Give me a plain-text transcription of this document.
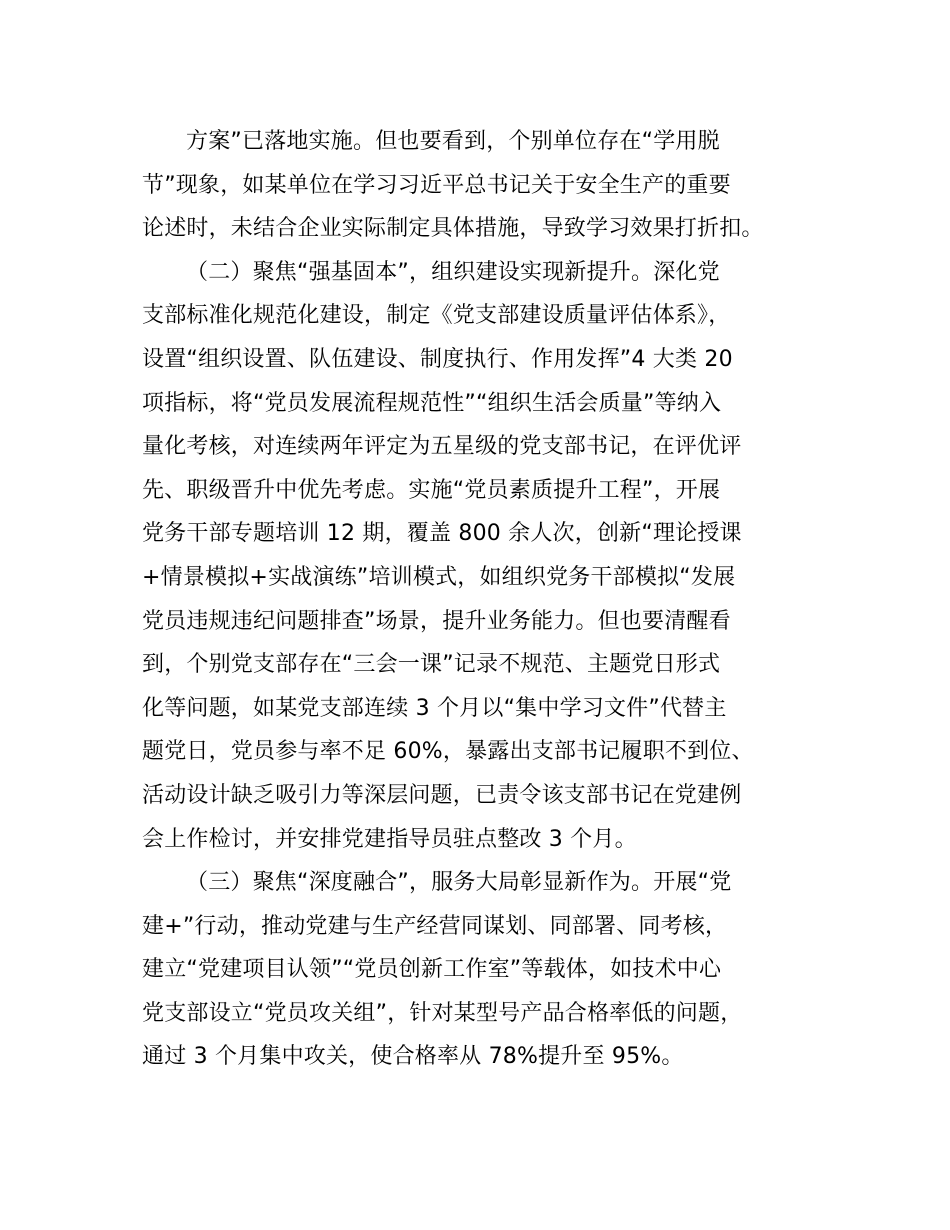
方案”已落地实施。但也要看到，个别单位存在“学用脱
节”现象，如某单位在学习习近平总书记关于安全生产的重要
论述时，未结合企业实际制定具体措施，导致学习效果打折扣。
（二）聚焦“强基固本”，组织建设实现新提升。深化党
支部标准化规范化建设，制定《党支部建设质量评估体系》，
设置“组织设置、队伍建设、制度执行、作用发挥”4 大类 20
项指标，将“党员发展流程规范性”“组织生活会质量”等纳入
量化考核，对连续两年评定为五星级的党支部书记，在评优评
先、职级晋升中优先考虑。实施“党员素质提升工程”，开展
党务干部专题培训 12 期，覆盖 800 余人次，创新“理论授课
+情景模拟+实战演练”培训模式，如组织党务干部模拟“发展
党员违规违纪问题排查”场景，提升业务能力。但也要清醒看
到，个别党支部存在“三会一课”记录不规范、主题党日形式
化等问题，如某党支部连续 3 个月以“集中学习文件”代替主
题党日，党员参与率不足 60%，暴露出支部书记履职不到位、
活动设计缺乏吸引力等深层问题，已责令该支部书记在党建例
会上作检讨，并安排党建指导员驻点整改 3 个月。
（三）聚焦“深度融合”，服务大局彰显新作为。开展“党
建+”行动，推动党建与生产经营同谋划、同部署、同考核，
建立“党建项目认领”“党员创新工作室”等载体，如技术中心
党支部设立“党员攻关组”，针对某型号产品合格率低的问题，
通过 3 个月集中攻关，使合格率从 78%提升至 95%。
